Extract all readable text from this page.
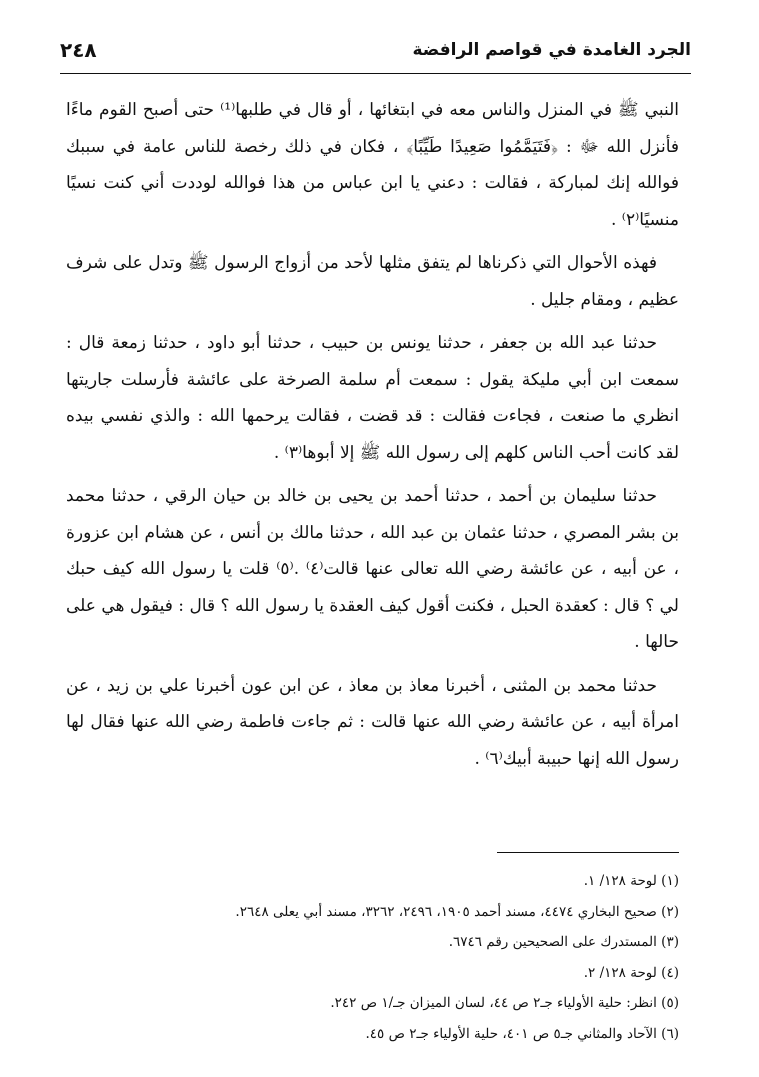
الجرد الغامدة في قواصم الرافضة
٢٤٨

النبي ﷺ في المنزل والناس معه في ابتغائها ، أو قال في طلبها⁽¹⁾ حتى أصبح القوم ماءًا فأنزل الله ﷻ : ﴿فَتَيَمَّمُوا صَعِيدًا طَيِّبًا﴾ ، فكان في ذلك رخصة للناس عامة في سببك فوالله إنك لمباركة ، فقالت : دعني يا ابن عباس من هذا فوالله لوددت أني كنت نسيًا منسيًا⁽٢⁾ .

فهذه الأحوال التي ذكرناها لم يتفق مثلها لأحد من أزواج الرسول ﷺ وتدل على شرف عظيم ، ومقام جليل .

حدثنا عبد الله بن جعفر ، حدثنا يونس بن حبيب ، حدثنا أبو داود ، حدثنا زمعة قال : سمعت ابن أبي مليكة يقول : سمعت أم سلمة الصرخة على عائشة فأرسلت جاريتها انظري ما صنعت ، فجاءت فقالت : قد قضت ، فقالت يرحمها الله : والذي نفسي بيده لقد كانت أحب الناس كلهم إلى رسول الله ﷺ إلا أبوها⁽٣⁾ .

حدثنا سليمان بن أحمد ، حدثنا أحمد بن يحيى بن خالد بن حيان الرقي ، حدثنا محمد بن بشر المصري ، حدثنا عثمان بن عبد الله ، حدثنا مالك بن أنس ، عن هشام ابن عزورة ، عن أبيه ، عن عائشة رضي الله تعالى عنها قالت⁽٤⁾ .⁽٥⁾ قلت يا رسول الله كيف حبك لي ؟ قال : كعقدة الحبل ، فكنت أقول كيف العقدة يا رسول الله ؟ قال : فيقول هي على حالها .

حدثنا محمد بن المثنى ، أخبرنا معاذ بن معاذ ، عن ابن عون أخبرنا علي بن زيد ، عن امرأة أبيه ، عن عائشة رضي الله عنها قالت : ثم جاءت فاطمة رضي الله عنها فقال لها رسول الله إنها حبيبة أبيك⁽٦⁾ .

(١) لوحة ١٢٨/ ١.
(٢) صحيح البخاري ٤٤٧٤، مسند أحمد ١٩٠٥، ٢٤٩٦، ٣٢٦٢، مسند أبي يعلى ٢٦٤٨.
(٣) المستدرك على الصحيحين رقم ٦٧٤٦.
(٤) لوحة ١٢٨/ ٢.
(٥) انظر: حلية الأولياء جـ٢ ص ٤٤، لسان الميزان جـ/١ ص ٢٤٢.
(٦) الآحاد والمثاني جـ٥ ص ٤٠١، حلية الأولياء جـ٢ ص ٤٥.
